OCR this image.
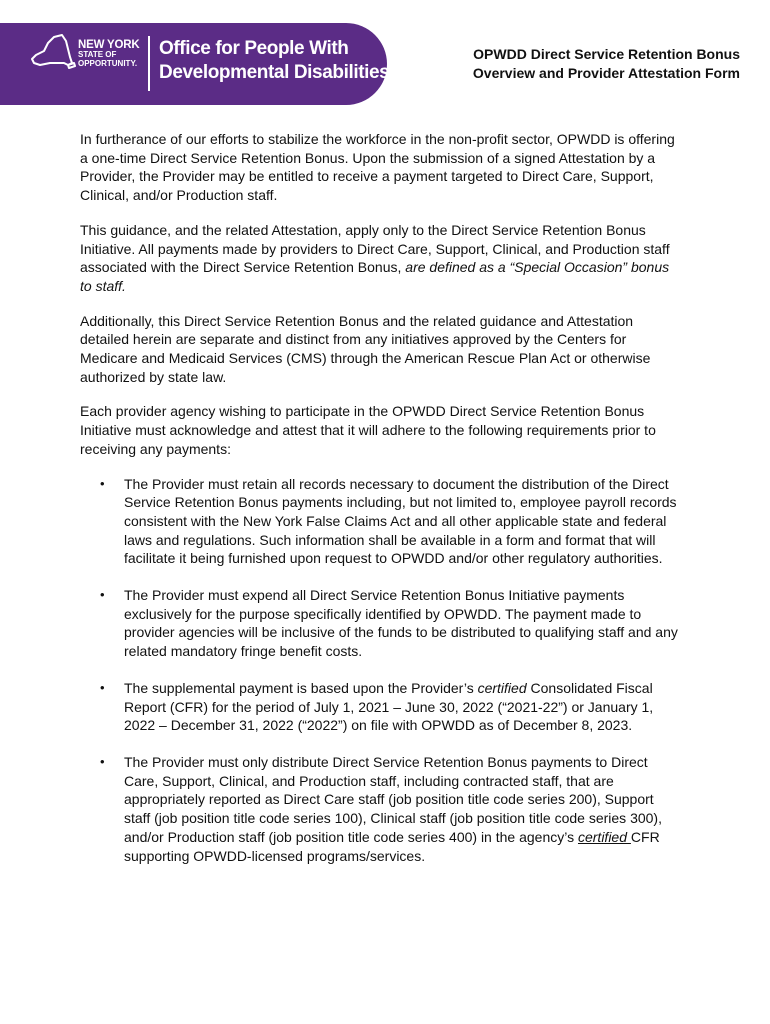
NEW YORK
STATE OF
OPPORTUNITY.
Office for People With
Developmental Disabilities
OPWDD Direct Service Retention Bonus
Overview and Provider Attestation Form

In furtherance of our efforts to stabilize the workforce in the non-profit sector, OPWDD is offering a one-time Direct Service Retention Bonus. Upon the submission of a signed Attestation by a Provider, the Provider may be entitled to receive a payment targeted to Direct Care, Support, Clinical, and/or Production staff.

This guidance, and the related Attestation, apply only to the Direct Service Retention Bonus Initiative. All payments made by providers to Direct Care, Support, Clinical, and Production staff associated with the Direct Service Retention Bonus, are defined as a “Special Occasion” bonus to staff.

Additionally, this Direct Service Retention Bonus and the related guidance and Attestation detailed herein are separate and distinct from any initiatives approved by the Centers for Medicare and Medicaid Services (CMS) through the American Rescue Plan Act or otherwise authorized by state law.

Each provider agency wishing to participate in the OPWDD Direct Service Retention Bonus Initiative must acknowledge and attest that it will adhere to the following requirements prior to receiving any payments:

• The Provider must retain all records necessary to document the distribution of the Direct Service Retention Bonus payments including, but not limited to, employee payroll records consistent with the New York False Claims Act and all other applicable state and federal laws and regulations. Such information shall be available in a form and format that will facilitate it being furnished upon request to OPWDD and/or other regulatory authorities.
• The Provider must expend all Direct Service Retention Bonus Initiative payments exclusively for the purpose specifically identified by OPWDD. The payment made to provider agencies will be inclusive of the funds to be distributed to qualifying staff and any related mandatory fringe benefit costs.
• The supplemental payment is based upon the Provider’s certified Consolidated Fiscal Report (CFR) for the period of July 1, 2021 – June 30, 2022 (“2021-22”) or January 1, 2022 – December 31, 2022 (“2022”) on file with OPWDD as of December 8, 2023.
• The Provider must only distribute Direct Service Retention Bonus payments to Direct Care, Support, Clinical, and Production staff, including contracted staff, that are appropriately reported as Direct Care staff (job position title code series 200), Support staff (job position title code series 100), Clinical staff (job position title code series 300), and/or Production staff (job position title code series 400) in the agency’s certified CFR supporting OPWDD-licensed programs/services.
